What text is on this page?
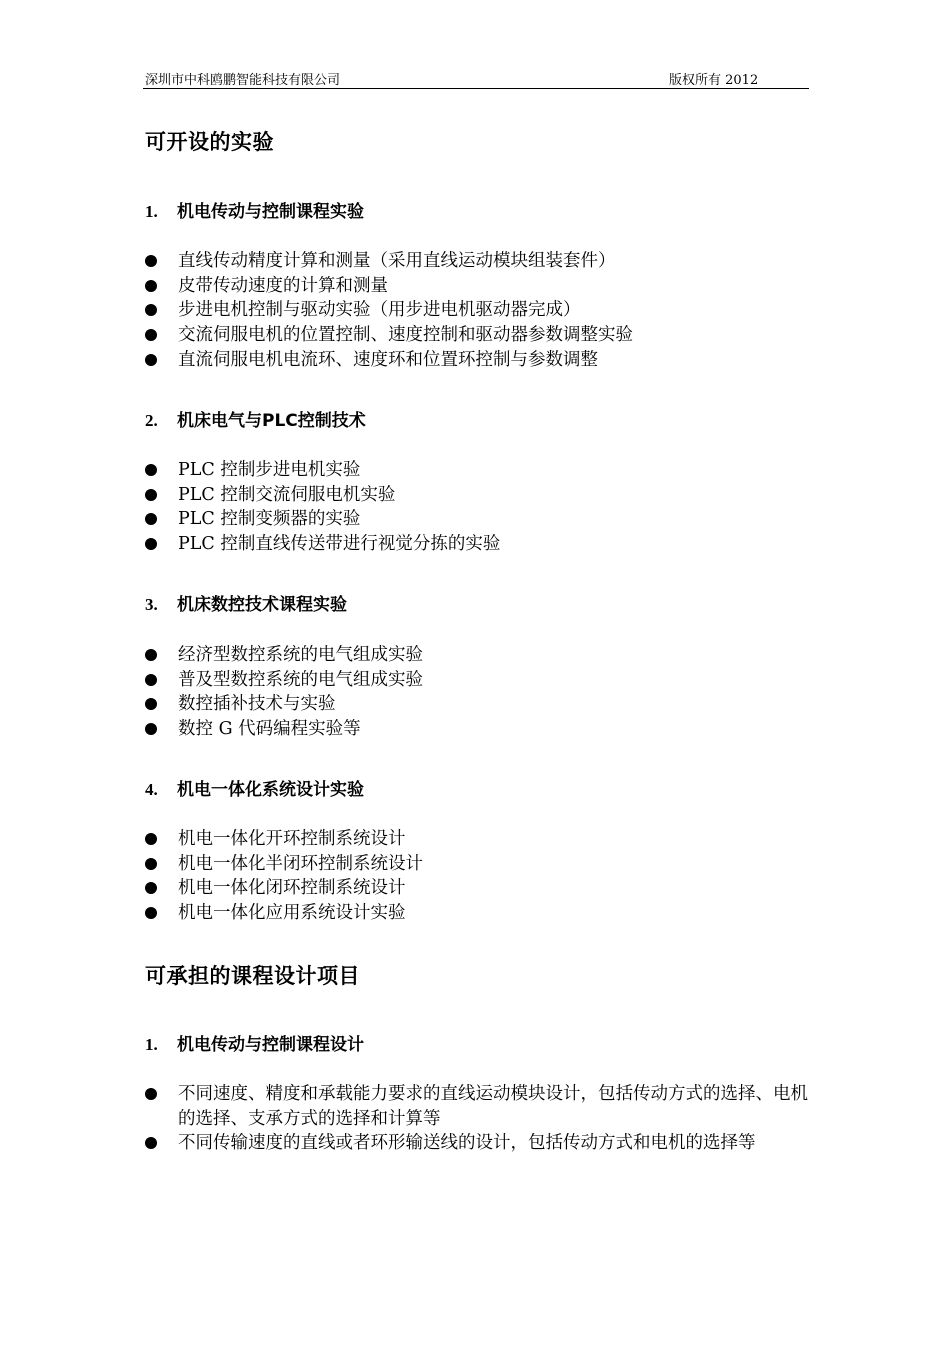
深圳市中科鸥鹏智能科技有限公司	版权所有 2012
可开设的实验
1. 机电传动与控制课程实验
直线传动精度计算和测量（采用直线运动模块组装套件）
皮带传动速度的计算和测量
步进电机控制与驱动实验（用步进电机驱动器完成）
交流伺服电机的位置控制、速度控制和驱动器参数调整实验
直流伺服电机电流环、速度环和位置环控制与参数调整
2. 机床电气与PLC控制技术
PLC 控制步进电机实验
PLC 控制交流伺服电机实验
PLC 控制变频器的实验
PLC 控制直线传送带进行视觉分拣的实验
3. 机床数控技术课程实验
经济型数控系统的电气组成实验
普及型数控系统的电气组成实验
数控插补技术与实验
数控 G 代码编程实验等
4. 机电一体化系统设计实验
机电一体化开环控制系统设计
机电一体化半闭环控制系统设计
机电一体化闭环控制系统设计
机电一体化应用系统设计实验
可承担的课程设计项目
1. 机电传动与控制课程设计
不同速度、精度和承载能力要求的直线运动模块设计，包括传动方式的选择、电机的选择、支承方式的选择和计算等
不同传输速度的直线或者环形输送线的设计，包括传动方式和电机的选择等
